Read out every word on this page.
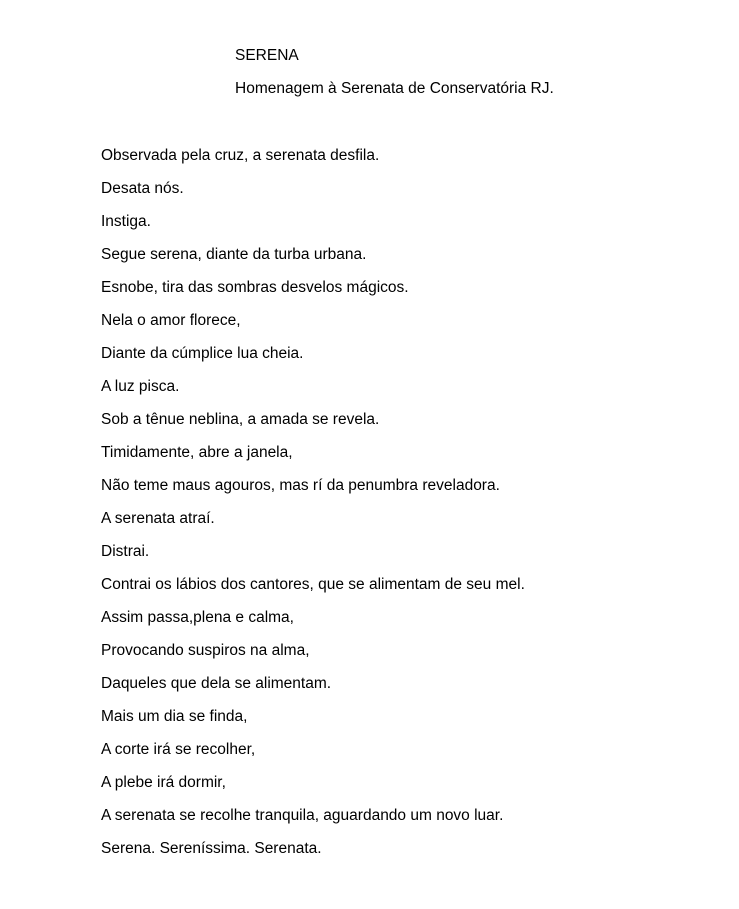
SERENA
Homenagem à Serenata de Conservatória RJ.
Observada pela cruz, a serenata desfila.
Desata nós.
Instiga.
Segue serena, diante da turba urbana.
Esnobe, tira das sombras desvelos mágicos.
Nela o amor florece,
Diante da cúmplice lua cheia.
A luz pisca.
Sob a tênue neblina, a amada se revela.
Timidamente, abre a janela,
Não teme maus agouros, mas rí da penumbra reveladora.
A serenata atraí.
Distrai.
Contrai os lábios dos cantores, que se alimentam de seu mel.
Assim passa,plena e calma,
Provocando suspiros na alma,
Daqueles que dela se alimentam.
Mais um dia se finda,
A corte irá se recolher,
A plebe irá dormir,
A serenata se recolhe tranquila, aguardando um novo luar.
Serena. Sereníssima. Serenata.
